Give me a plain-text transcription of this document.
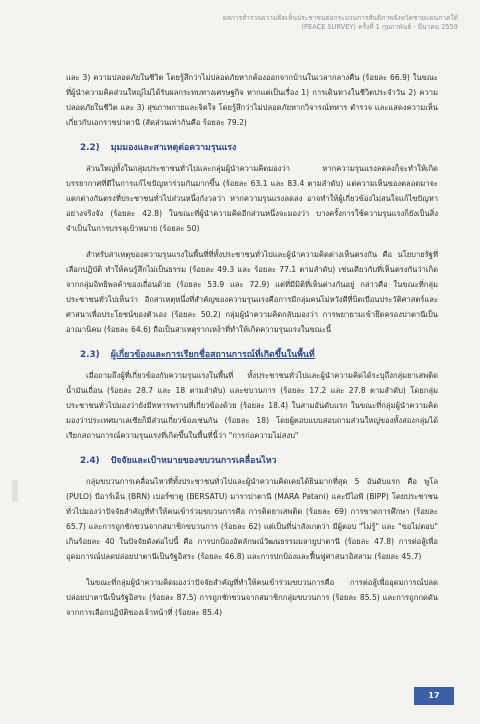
ผลการสำรวจความคิดเห็นประชาชนต่อกระบวนการสันติภาพจังหวัดชายแดนภาคใต้
(PEACE SURVEY) ครั้งที่ 1 กุมภาพันธ์ - มีนาคม 2559

และ 3) ความปลอดภัยในชีวิต โดยรู้สึกว่าไม่ปลอดภัยหากต้องออกจากบ้านในเวลากลางคืน (ร้อยละ 66.9) ในขณะที่ผู้นำความคิดส่วนใหญ่ไม่ได้รับผลกระทบทางเศรษฐกิจ หากแต่เป็นเรื่อง 1) การเดินทางในชีวิตประจำวัน 2) ความปลอดภัยในชีวิต และ 3) สุขภาพกายและจิตใจ โดยรู้สึกว่าไม่ปลอดภัยหากวิจารณ์ทหาร ตำรวจ และแสดงความเห็นเกี่ยวกับเอกราชปาตานี (สัดส่วนเท่ากันคือ ร้อยละ 79.2)

2.2) มุมมองและสาเหตุต่อความรุนแรง

ส่วนใหญ่ทั้งในกลุ่มประชาชนทั่วไปและกลุ่มผู้นำความคิดมองว่า หากความรุนแรงลดลงก็จะทำให้เกิดบรรยากาศที่ดีในการแก้ไขปัญหาร่วมกันมากขึ้น (ร้อยละ 63.1 และ 83.4 ตามลำดับ) แต่ความเห็นของตลอดมาจะแตกต่างกันตรงที่ประชาชนทั่วไปส่วนหนึ่งกังวลว่า หากความรุนแรงลดลง อาจทำให้ผู้เกี่ยวข้องไม่สนใจแก้ไขปัญหาอย่างจริงจัง (ร้อยละ 42.8) ในขณะที่ผู้นำความคิดอีกส่วนหนึ่งจะมองว่า บางครั้งการใช้ความรุนแรงก็ยังเป็นสิ่งจำเป็นในการบรรลุเป้าหมาย (ร้อยละ 50)

สำหรับสาเหตุของความรุนแรงในพื้นที่ที่ทั้งประชาชนทั่วไปและผู้นำความคิดต่างเห็นตรงกัน คือ นโยบายรัฐที่เลือกปฏิบัติ ทำให้คนรู้สึกไม่เป็นธรรม (ร้อยละ 49.3 และ ร้อยละ 77.1 ตามลำดับ) เช่นเดียวกับที่เห็นตรงกันว่าเกิดจากกลุ่มอิทธิพลค้าของเถื่อนด้วย (ร้อยละ 53.9 และ 72.9) แต่ที่มีมิติที่เห็นต่างกันอยู่ กล่าวคือ ในขณะที่กลุ่มประชาชนทั่วไปเห็นว่า อีกสาเหตุหนึ่งที่สำคัญของความรุนแรงคือการมีกลุ่มคนไม่หวังดีที่บิดเบือนประวัติศาสตร์และศาสนาเพื่อประโยชน์ของตัวเอง (ร้อยละ 50.2) กลุ่มผู้นำความคิดกลับมองว่า การพยายามเข้ายึดครองปาตานีเป็นอาณานิคม (ร้อยละ 64.6) ถือเป็นสาเหตุรากเหง้าที่ทำให้เกิดความรุนแรงในขณะนี้

2.3) ผู้เกี่ยวข้องและการเรียกชื่อสถานการณ์ที่เกิดขึ้นในพื้นที่

เมื่อถามถึงผู้ที่เกี่ยวข้องกับความรุนแรงในพื้นที่ ทั้งประชาชนทั่วไปและผู้นำความคิดได้ระบุถึงกลุ่มยาเสพติด น้ำมันเถื่อน (ร้อยละ 28.7 และ 18 ตามลำดับ) และขบวนการ (ร้อยละ 17.2 และ 27.8 ตามลำดับ) โดยกลุ่มประชาชนทั่วไปมองว่ายังมีทหารพรานที่เกี่ยวข้องด้วย (ร้อยละ 18.4) ในสามอันดับแรก ในขณะที่กลุ่มผู้นำความคิดมองว่าประเทศมาเลเซียก็มีส่วนเกี่ยวข้องเช่นกัน (ร้อยละ 18) โดยผู้ตอบแบบสอบถามส่วนใหญ่ของทั้งสองกลุ่มได้เรียกสถานการณ์ความรุนแรงที่เกิดขึ้นในพื้นที่นี้ว่า "การก่อความไม่สงบ"

2.4) ปัจจัยและเป้าหมายของขบวนการเคลื่อนไหว

กลุ่มขบวนการเคลื่อนไหวที่ทั้งประชาชนทั่วไปและผู้นำความคิดเคยได้ยินมากที่สุด 5 อันดับแรก คือ พูโล (PULO) บีอาร์เอ็น (BRN) เบอร์ซาตู (BERSATU) มาราปาตานี (MARA Patani) และบีไอพี (BIPP) โดยประชาชนทั่วไปมองว่าปัจจัยสำคัญที่ทำให้คนเข้าร่วมขบวนการคือ การติดยาเสพติด (ร้อยละ 69) การขาดการศึกษา (ร้อยละ 65.7) และการถูกชักชวนจากสมาชิกขบวนการ (ร้อยละ 62) แต่เป็นที่น่าสังเกตว่า มีผู้ตอบ "ไม่รู้" และ "ขอไม่ตอบ" เกินร้อยละ 40 ในปัจจัยดังต่อไปนี้ คือ การปกป้องอัตลักษณ์วัฒนธรรมมลายูปาตานี (ร้อยละ 47.8) การต่อสู้เพื่ออุดมการณ์ปลดปล่อยปาตานีเป็นรัฐอิสระ (ร้อยละ 46.8) และการปกป้องและฟื้นฟูศาสนาอิสลาม (ร้อยละ 45.7)

ในขณะที่กลุ่มผู้นำความคิดมองว่าปัจจัยสำคัญที่ทำให้คนเข้าร่วมขบวนการคือ การต่อสู้เพื่ออุดมการณ์ปลดปล่อยปาตานีเป็นรัฐอิสระ (ร้อยละ 87.5) การถูกชักชวนจากสมาชิกกลุ่มขบวนการ (ร้อยละ 85.5) และการถูกกดดันจากการเลือกปฏิบัติของเจ้าหน้าที่ (ร้อยละ 85.4)

17
